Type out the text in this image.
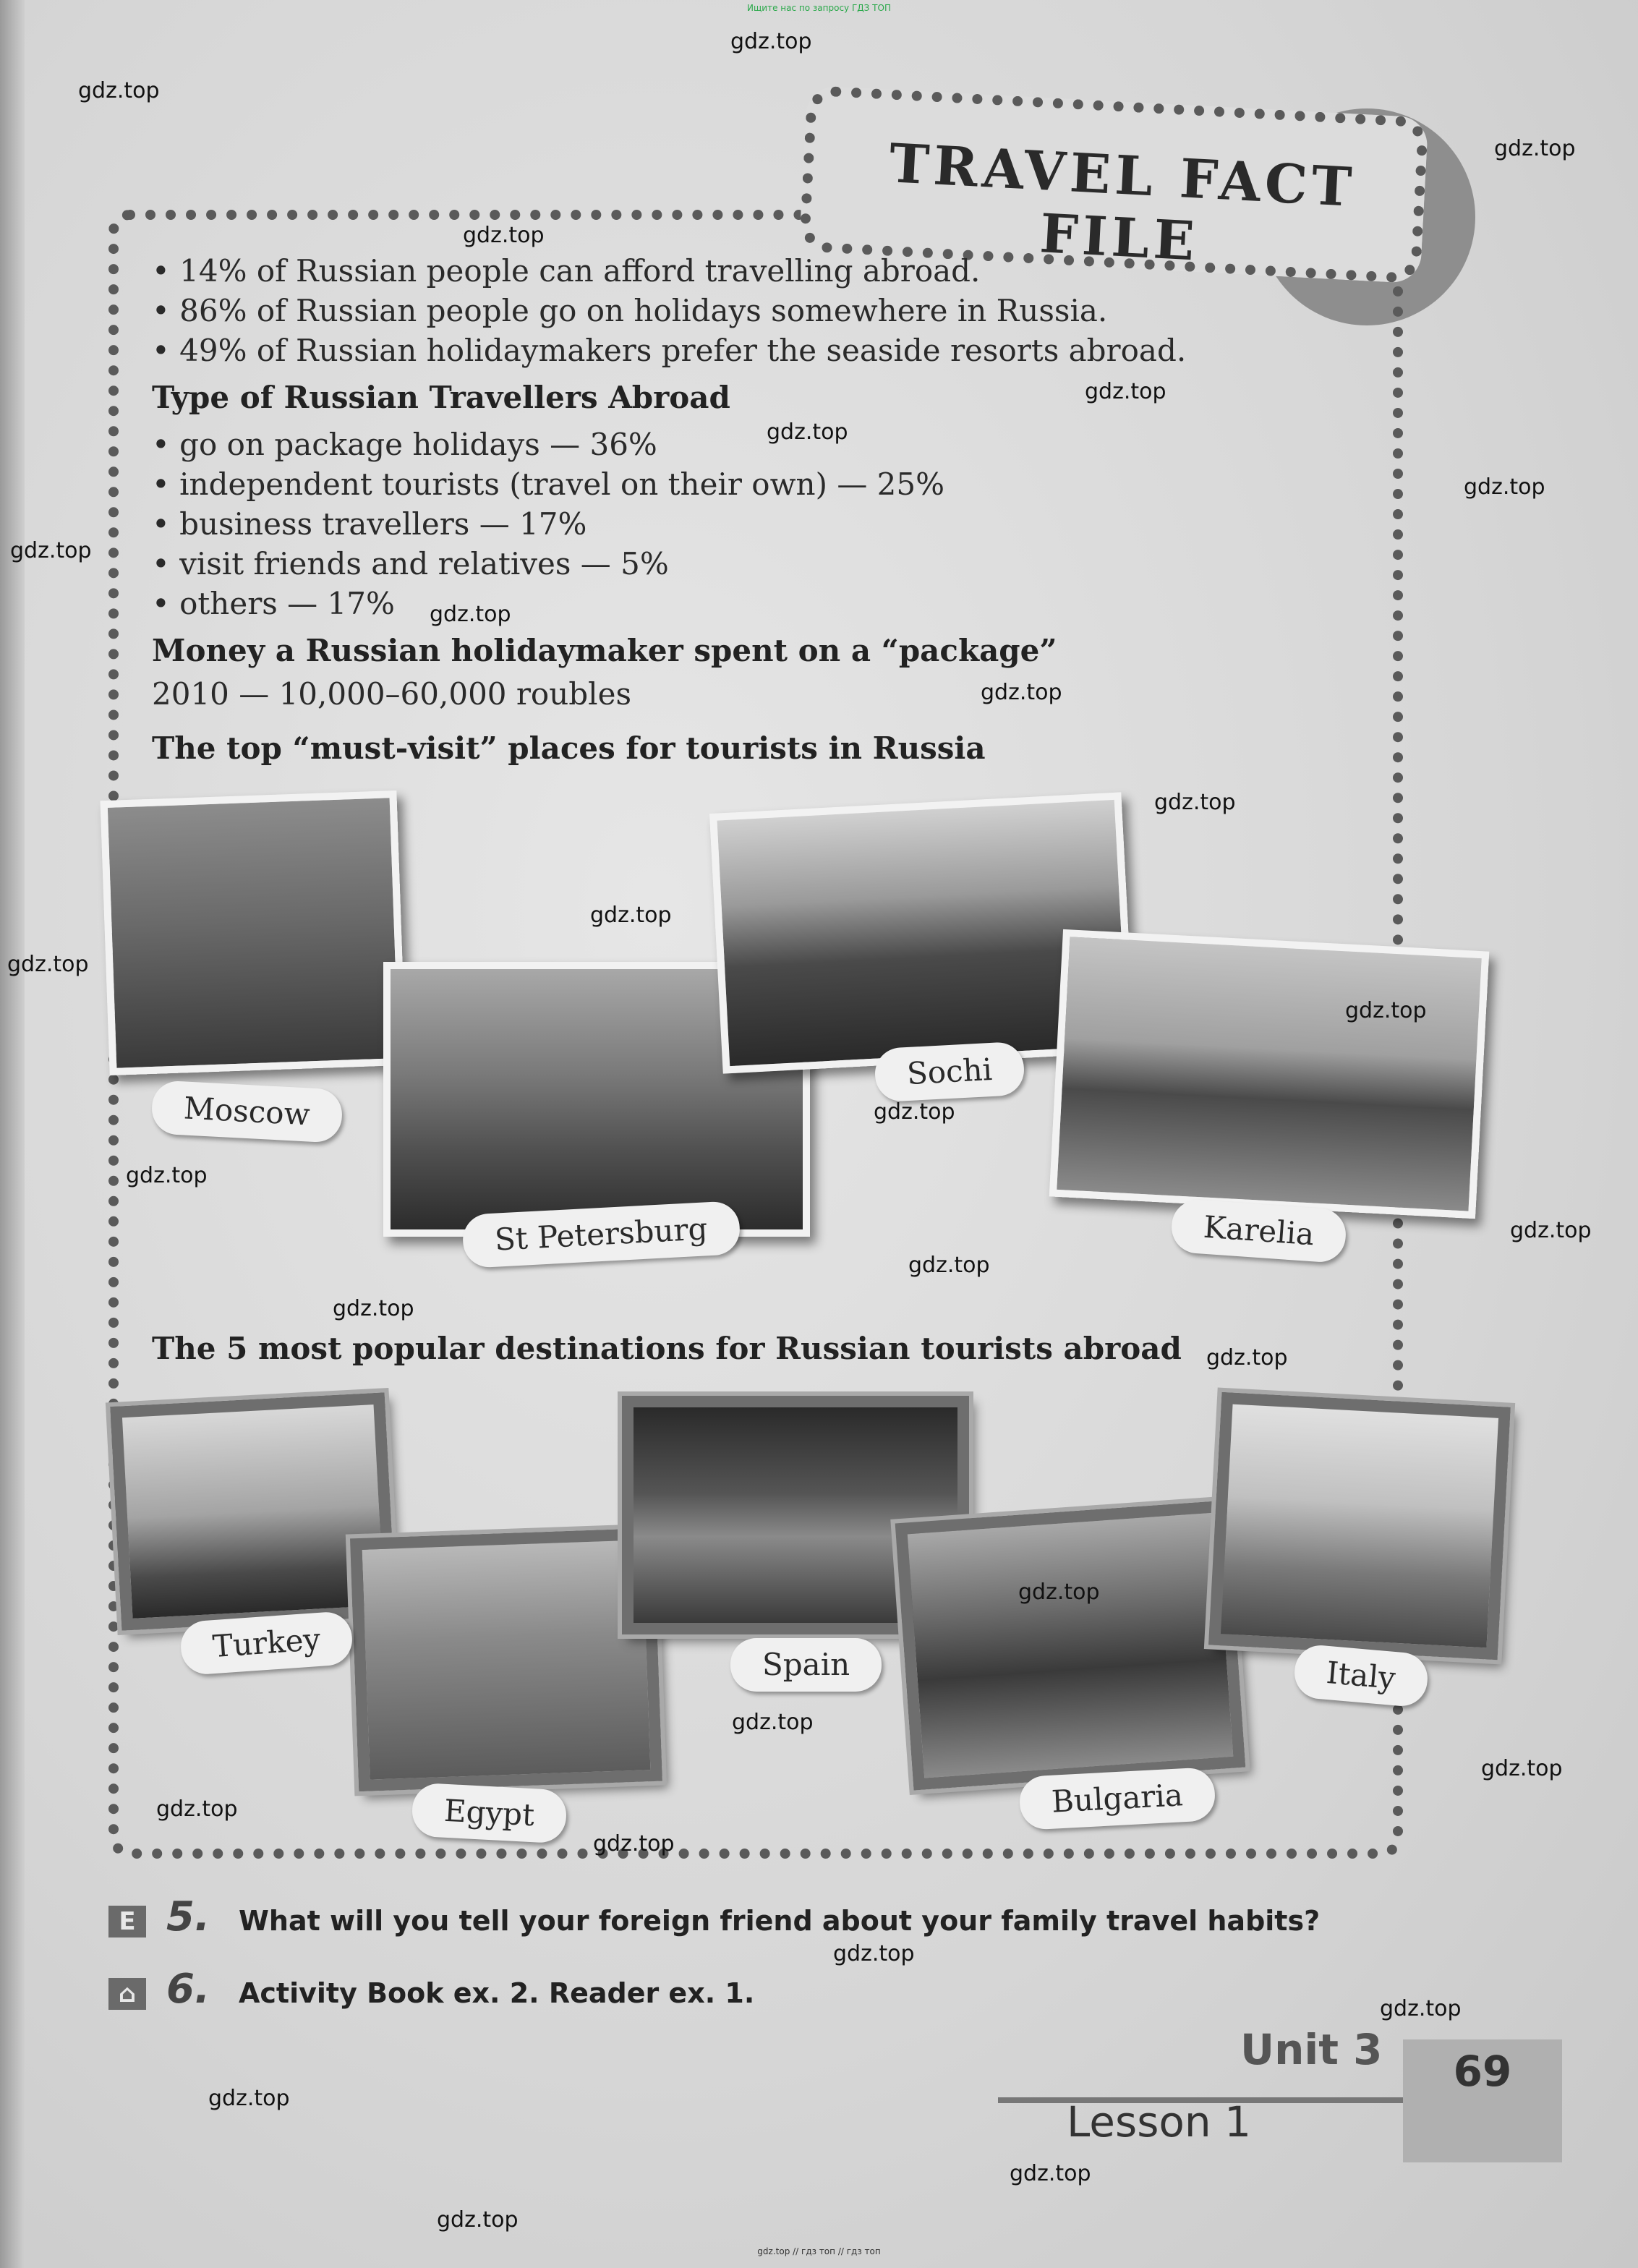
Ищите нас по запросу ГДЗ ТОП
TRAVEL FACT FILE
• 14% of Russian people can afford travelling abroad.
• 86% of Russian people go on holidays somewhere in Russia.
• 49% of Russian holidaymakers prefer the seaside resorts abroad.
Type of Russian Travellers Abroad
• go on package holidays — 36%
• independent tourists (travel on their own) — 25%
• business travellers — 17%
• visit friends and relatives — 5%
• others — 17%
Money a Russian holidaymaker spent on a “package”
2010 — 10,000–60,000 roubles
The top “must-visit” places for tourists in Russia
Moscow
St Petersburg
Sochi
Karelia
The 5 most popular destinations for Russian tourists abroad
Turkey
Egypt
Spain
Bulgaria
Italy
E 5. What will you tell your foreign friend about your family travel habits?
⌂ 6. Activity Book ex. 2. Reader ex. 1.
Unit 3
Lesson 1
69
gdz.top
gdz.top
gdz.top
gdz.top
gdz.top
gdz.top
gdz.top
gdz.top
gdz.top
gdz.top
gdz.top
gdz.top
gdz.top
gdz.top
gdz.top
gdz.top
gdz.top
gdz.top
gdz.top
gdz.top
gdz.top
gdz.top
gdz.top
gdz.top
gdz.top
gdz.top
gdz.top
gdz.top
gdz.top
gdz.top
gdz.top // гдз топ // гдз топ
